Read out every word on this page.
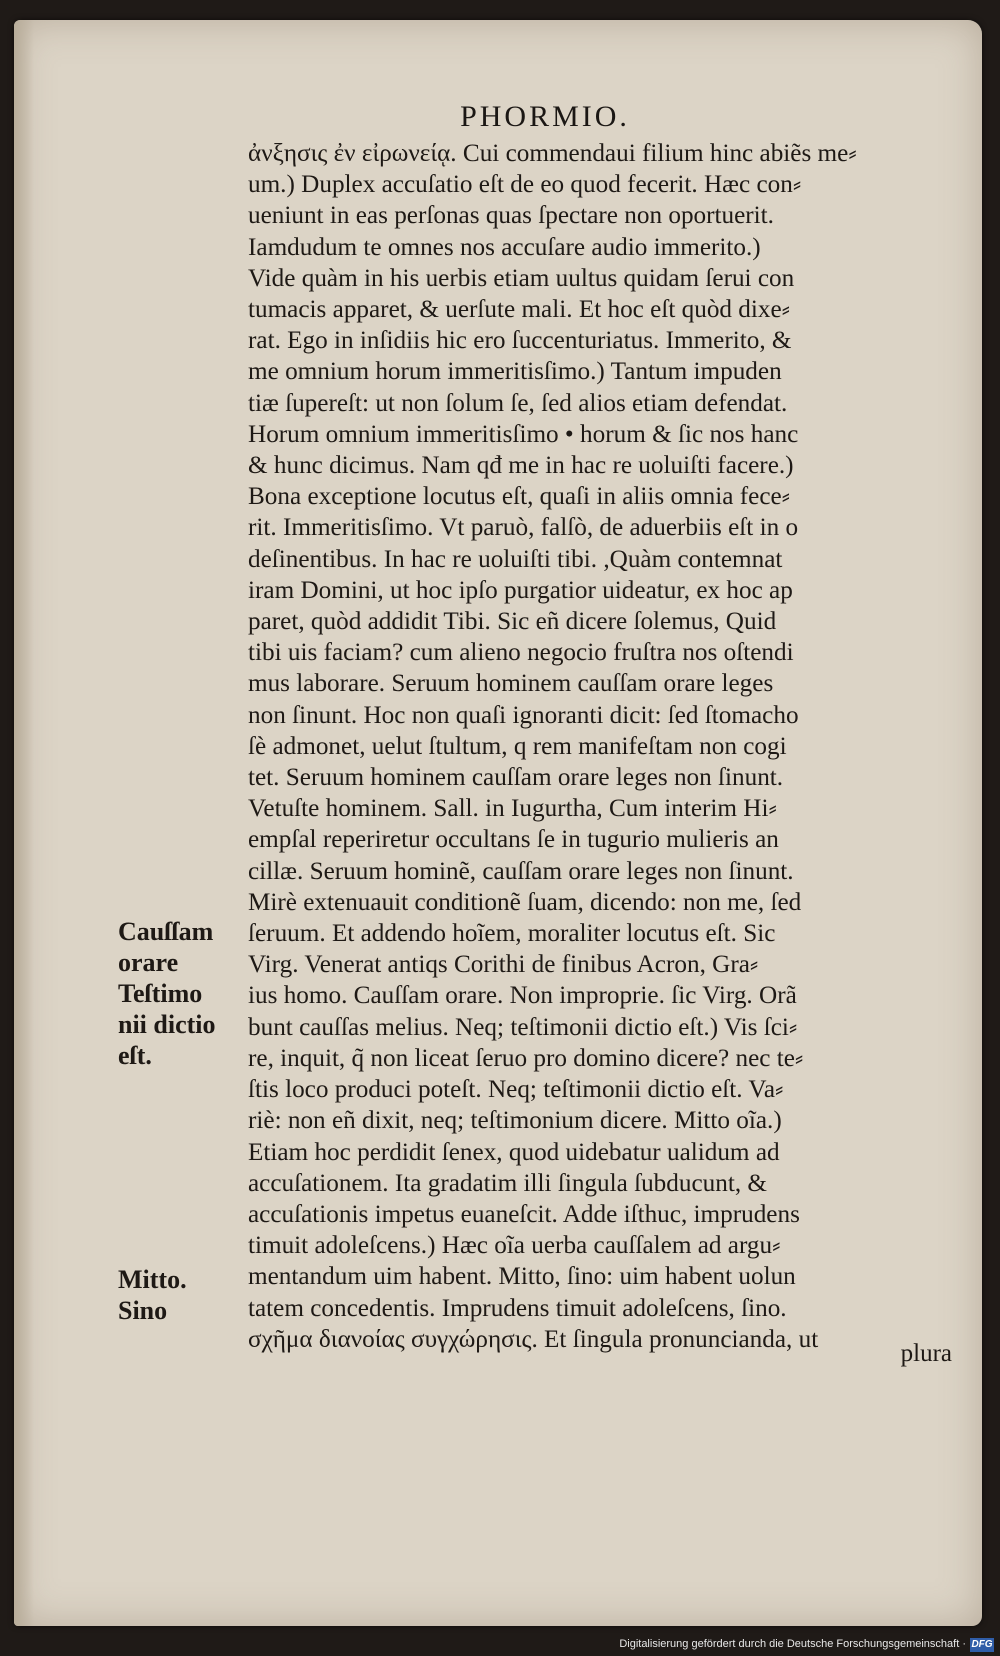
PHORMIO.
ἀνξησις ἐν εἰρωνείᾳ. Cui commendaui filium hinc abiẽs me⸗
um.) Duplex accuſatio eſt de eo quod fecerit. Hæc con⸗
ueniunt in eas perſonas quas ſpectare non oportuerit.
Iamdudum te omnes nos accuſare audio immerito.)
Vide quàm in his uerbis etiam uultus quidam ſerui con
tumacis apparet, & uerſute mali. Et hoc eſt quòd dixe⸗
rat. Ego in inſidiis hic ero ſuccenturiatus. Immerito, &
me omnium horum immeritisſimo.) Tantum impuden
tiæ ſupereſt: ut non ſolum ſe, ſed alios etiam defendat.
Horum omnium immeritisſimo • horum & ſic nos hanc
& hunc dicimus. Nam qđ me in hac re uoluiſti facere.)
Bona exceptione locutus eſt, quaſi in aliis omnia fece⸗
rit. Immeritisſimo. Vt paruò, falſò, de aduerbiis eſt in o
deſinentibus. In hac re uoluiſti tibi. ,Quàm contemnat
iram Domini, ut hoc ipſo purgatior uideatur, ex hoc ap
paret, quòd addidit Tibi. Sic eñ dicere ſolemus, Quid
tibi uis faciam? cum alieno negocio fruſtra nos oſtendi
mus laborare. Seruum hominem cauſſam orare leges
non ſinunt. Hoc non quaſi ignoranti dicit: ſed ſtomacho
ſè admonet, uelut ſtultum, q rem manifeſtam non cogi
tet. Seruum hominem cauſſam orare leges non ſinunt.
Vetuſte hominem. Sall. in Iugurtha, Cum interim Hi⸗
empſal reperiretur occultans ſe in tugurio mulieris an
cillæ. Seruum hominẽ, cauſſam orare leges non ſinunt.
Mirè extenuauit conditionẽ ſuam, dicendo: non me, ſed
ſeruum. Et addendo hoĩem, moraliter locutus eſt. Sic
Virg. Venerat antiqs Corithi de finibus Acron, Gra⸗
ius homo. Cauſſam orare. Non improprie. ſic Virg. Orã
bunt cauſſas melius. Neq; teſtimonii dictio eſt.) Vis ſci⸗
re, inquit, q̃ non liceat ſeruo pro domino dicere? nec te⸗
ſtis loco produci poteſt. Neq; teſtimonii dictio eſt. Va⸗
riè: non eñ dixit, neq; teſtimonium dicere. Mitto oĩa.)
Etiam hoc perdidit ſenex, quod uidebatur ualidum ad
accuſationem. Ita gradatim illi ſingula ſubducunt, &
accuſationis impetus euaneſcit. Adde iſthuc, imprudens
timuit adoleſcens.) Hæc oĩa uerba cauſſalem ad argu⸗
mentandum uim habent. Mitto, ſino: uim habent uolun
tatem concedentis. Imprudens timuit adoleſcens, ſino.
σχῆμα διανοίας συγχώρησις. Et ſingula pronuncianda, ut
Cauſſam
orare
Teſtimo
nii dictio
eſt.
Mitto.
Sino
plura
Digitalisierung gefördert durch die Deutsche Forschungsgemeinschaft · DFG
